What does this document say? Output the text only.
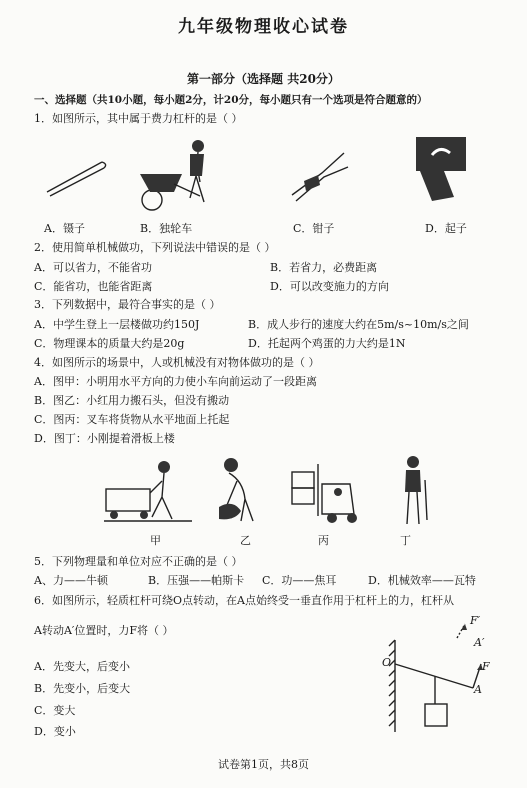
九年级物理收心试卷
第一部分（选择题 共20分）
一、选择题（共10小题，每小题2分，计20分，每小题只有一个选项是符合题意的）
1．如图所示，其中属于费力杠杆的是（ ）
A．镊子	B．独轮车	C．钳子	D．起子
2．使用简单机械做功，下列说法中错误的是（ ）
A．可以省力，不能省功	B．若省力，必费距离
C．能省功，也能省距离	D．可以改变施力的方向
3．下列数据中，最符合事实的是（ ）
A．中学生登上一层楼做功约150J	B．成人步行的速度大约在5m/s~10m/s之间
C．物理课本的质量大约是20g	D．托起两个鸡蛋的力大约是1N
4．如图所示的场景中，人或机械没有对物体做功的是（ ）
A．图甲：小明用水平方向的力使小车向前运动了一段距离
B．图乙：小红用力搬石头，但没有搬动
C．图丙：叉车将货物从水平地面上托起
D．图丁：小刚提着滑板上楼
甲	乙	丙	丁
5．下列物理量和单位对应不正确的是（ ）
A、力——牛顿	B．压强——帕斯卡 C．功——焦耳	D．机械效率——瓦特
6．如图所示，轻质杠杆可绕O点转动，在A点始终受一垂直作用于杠杆上的力，杠杆从
A转动A′位置时，力F将（ ）
A．先变大，后变小
B．先变小，后变大
C．变大
D．变小
O
A
A′
F
F′
试卷第1页，共8页
